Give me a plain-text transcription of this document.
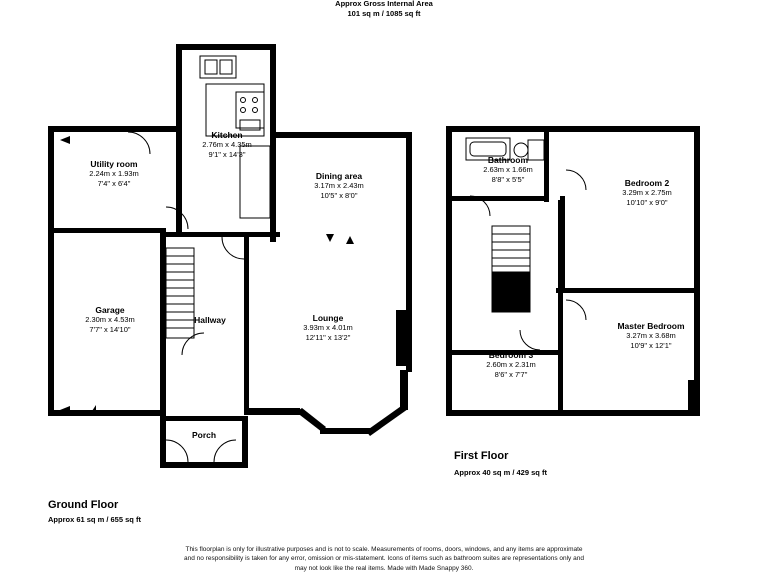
Approx Gross Internal Area
101 sq m / 1085 sq ft
Kitchen
2.76m x 4.35m
9'1" x 14'3"
Utility room
2.24m x 1.93m
7'4" x 6'4"
Garage
2.30m x 4.53m
7'7" x 14'10"
Hallway
Dining area
3.17m x 2.43m
10'5" x 8'0"
Lounge
3.93m x 4.01m
12'11" x 13'2"
Porch
Ground Floor
Approx 61 sq m / 655 sq ft
Bathroom
2.63m x 1.66m
8'8" x 5'5"	Bedroom 2
3.29m x 2.75m
10'10" x 9'0"
Master Bedroom
3.27m x 3.68m
10'9" x 12'1"
Bedroom 3
2.60m x 2.31m
8'6" x 7'7"
First Floor
Approx 40 sq m / 429 sq ft
This floorplan is only for illustrative purposes and is not to scale. Measurements of rooms, doors, windows, and any items are approximate
and no responsibility is taken for any error, omission or mis-statement. Icons of items such as bathroom suites are representations only and
may not look like the real items. Made with Made Snappy 360.
